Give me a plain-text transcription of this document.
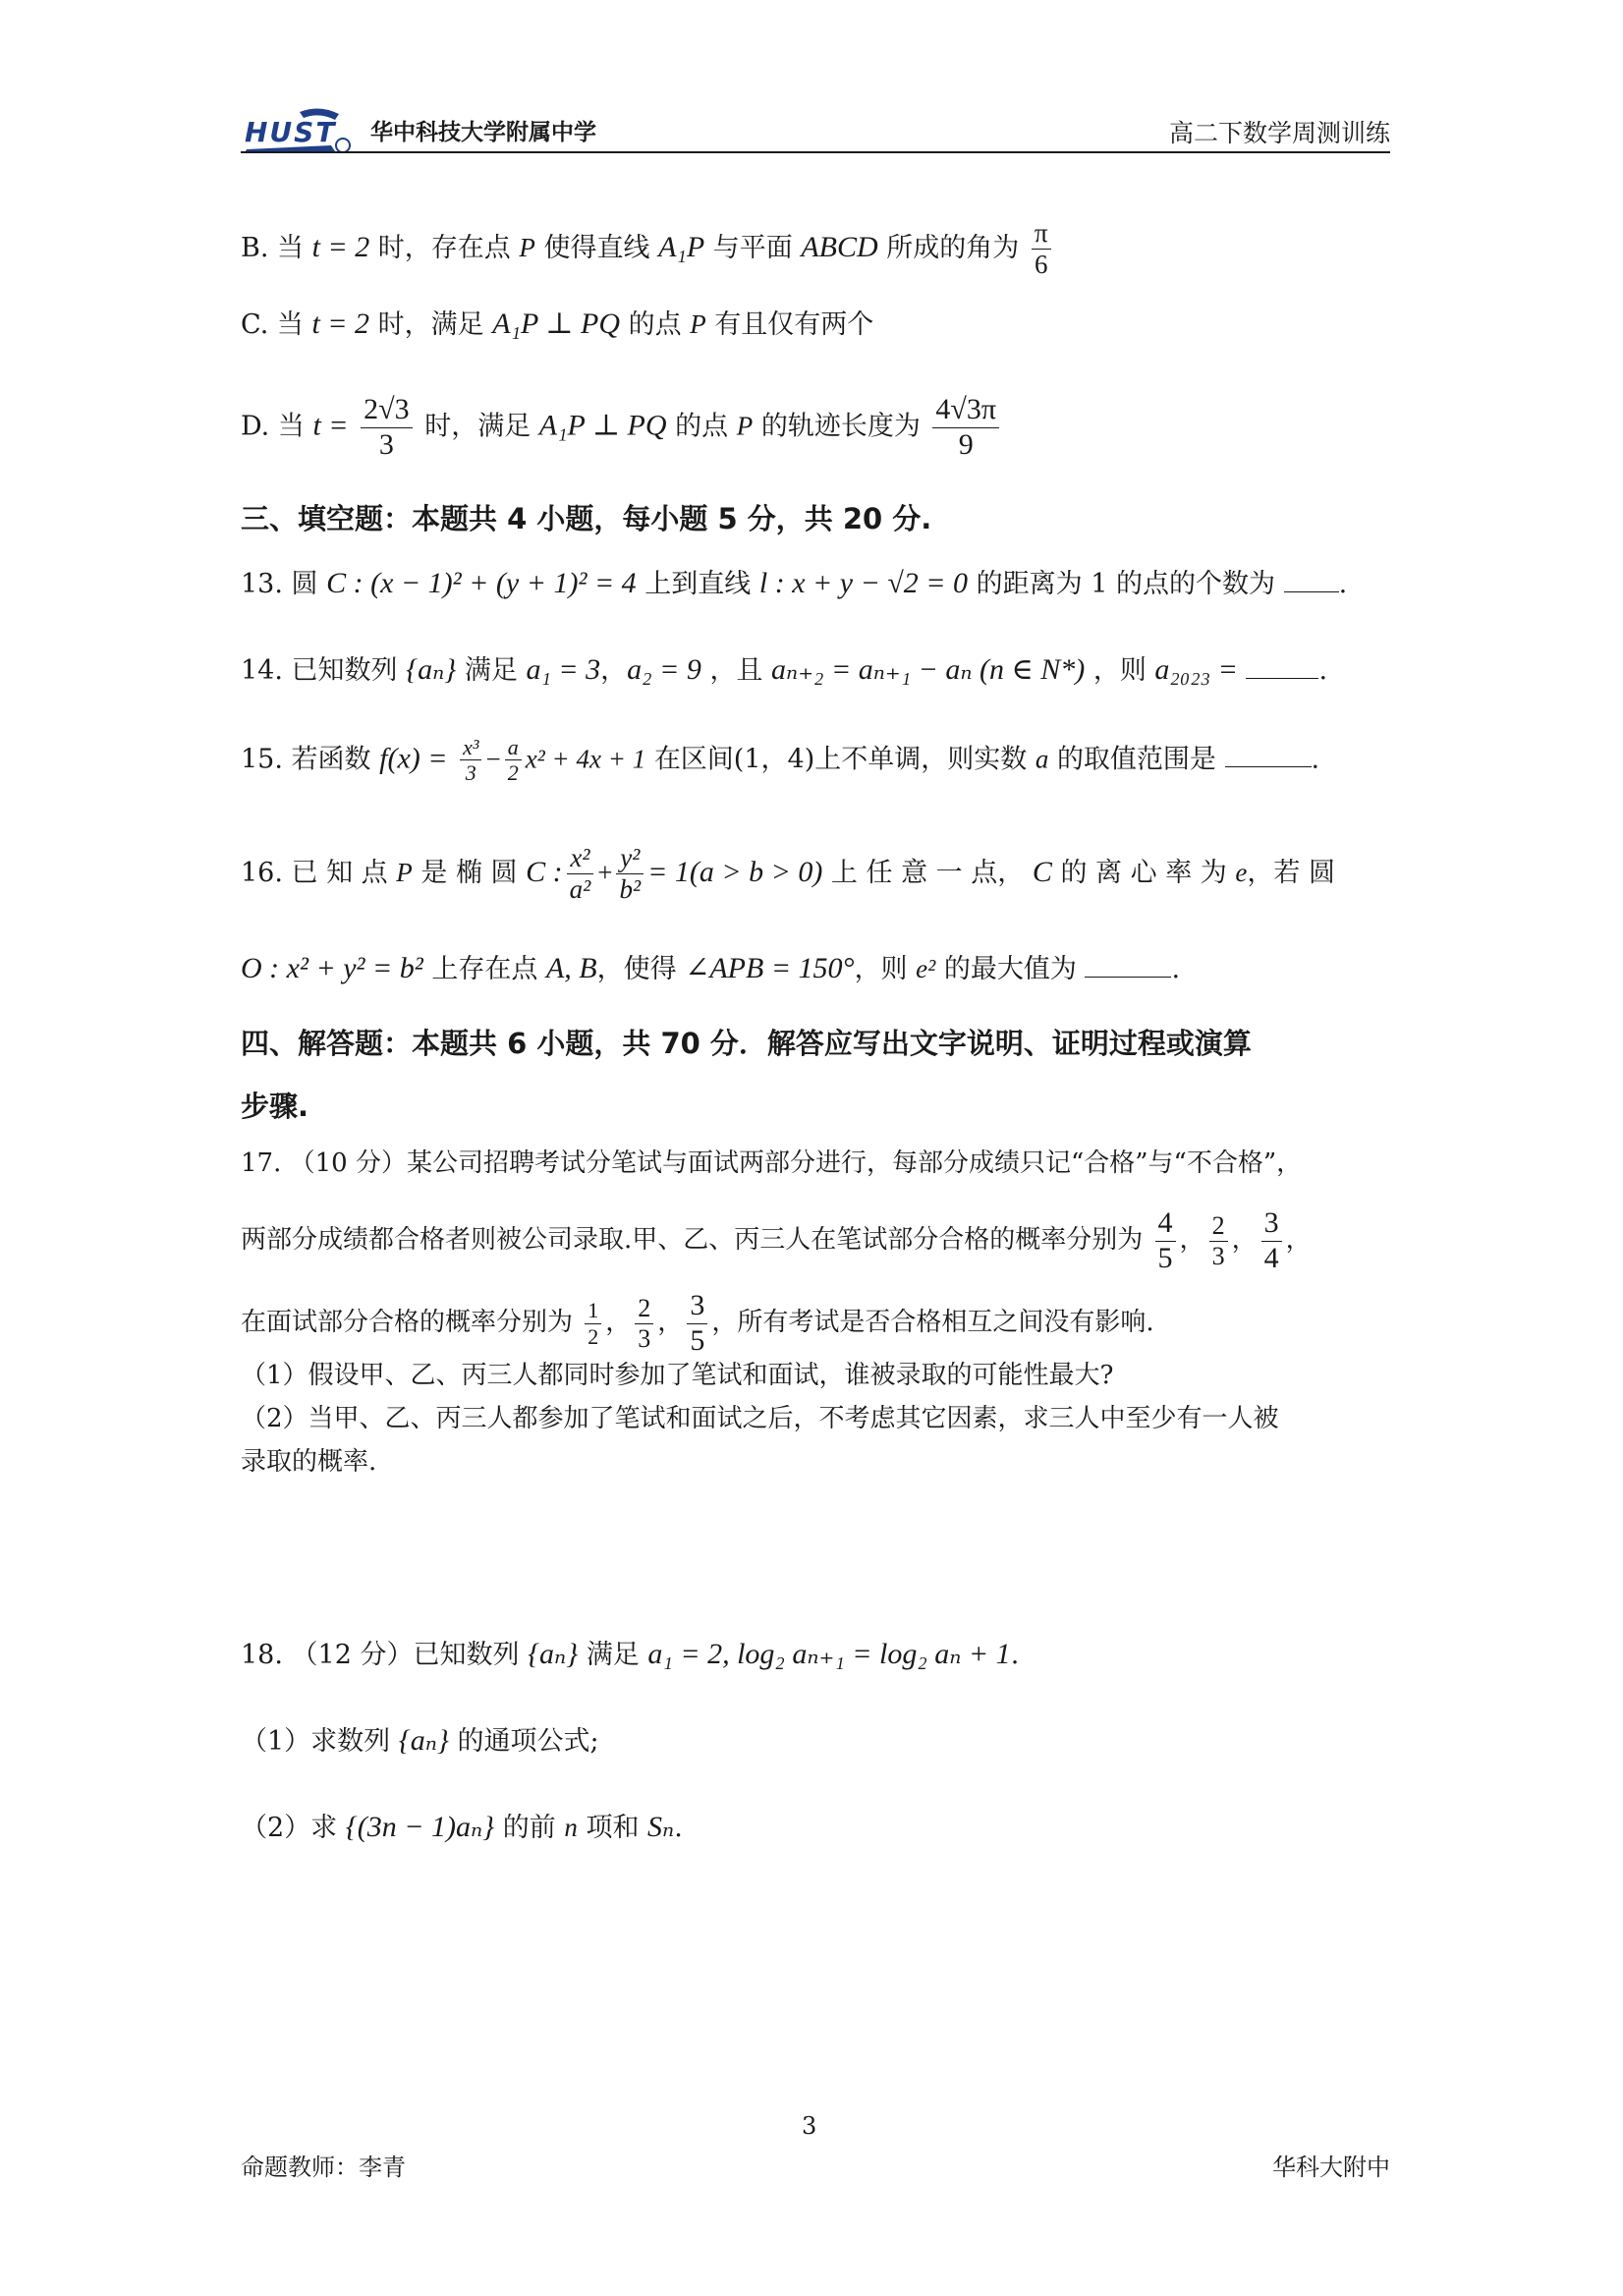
HUST 华中科技大学附属中学	高二下数学周测训练
B. 当 t = 2 时，存在点 P 使得直线 A₁P 与平面 ABCD 所成的角为 $\frac{\pi}{6}$
C. 当 t = 2 时，满足 A₁P ⊥ PQ 的点 P 有且仅有两个
D. 当 $t = \frac{2√3}{3}$ 时，满足 A₁P ⊥ PQ 的点 P 的轨迹长度为 $\frac{4√3\pi}{9}$
三、填空题：本题共 4 小题，每小题 5 分，共 20 分.
13. 圆 C : (x − 1)² + (y + 1)² = 4 上到直线 l : x + y − √2 = 0 的距离为 1 的点的个数为 .
14. 已知数列 {aₙ} 满足 a₁ = 3，a₂ = 9 ，且 aₙ₊₂ = aₙ₊₁ − aₙ (n ∈ N*) ，则 a₂₀₂₃ =	.
15. 若函数 $f(x) = \frac{\text{x³}}{3} - \frac{a}{2} x^2 + 4x + 1$ 在区间(1，4)上不单调，则实数 a 的取值范围是	.
16. 已 知 点 P 是 椭 圆 C : $\frac{\text{x²}}{\text{a²}} + \frac{\text{y²}}{\text{b²}} = 1(a > b > 0)$ 上 任 意 一 点， C 的 离 心 率 为 e，若 圆
O : x² + y² = b² 上存在点 A, B，使得 ∠APB = 150°，则 e² 的最大值为	.
四、解答题：本题共 6 小题，共 70 分．解答应写出文字说明、证明过程或演算
步骤.
17. （10 分）某公司招聘考试分笔试与面试两部分进行，每部分成绩只记“合格”与“不合格”，
两部分成绩都合格者则被公司录取.甲、乙、丙三人在笔试部分合格的概率分别为 $\frac{4}{5}$ ， $\frac{2}{3}$ ， $\frac{3}{4}$ ，
在面试部分合格的概率分别为 $\frac{1}{2}$ ， $\frac{2}{3}$ ， $\frac{3}{5}$ ，所有考试是否合格相互之间没有影响.
（1）假设甲、乙、丙三人都同时参加了笔试和面试，谁被录取的可能性最大?
（2）当甲、乙、丙三人都参加了笔试和面试之后，不考虑其它因素，求三人中至少有一人被
录取的概率.
18. （12 分）已知数列 {aₙ} 满足 a₁ = 2, log₂ aₙ₊₁ = log₂ aₙ + 1.
（1）求数列 {aₙ} 的通项公式;
（2）求 {(3n − 1)aₙ} 的前 n 项和 Sₙ.
3
命题教师：李青	华科大附中
